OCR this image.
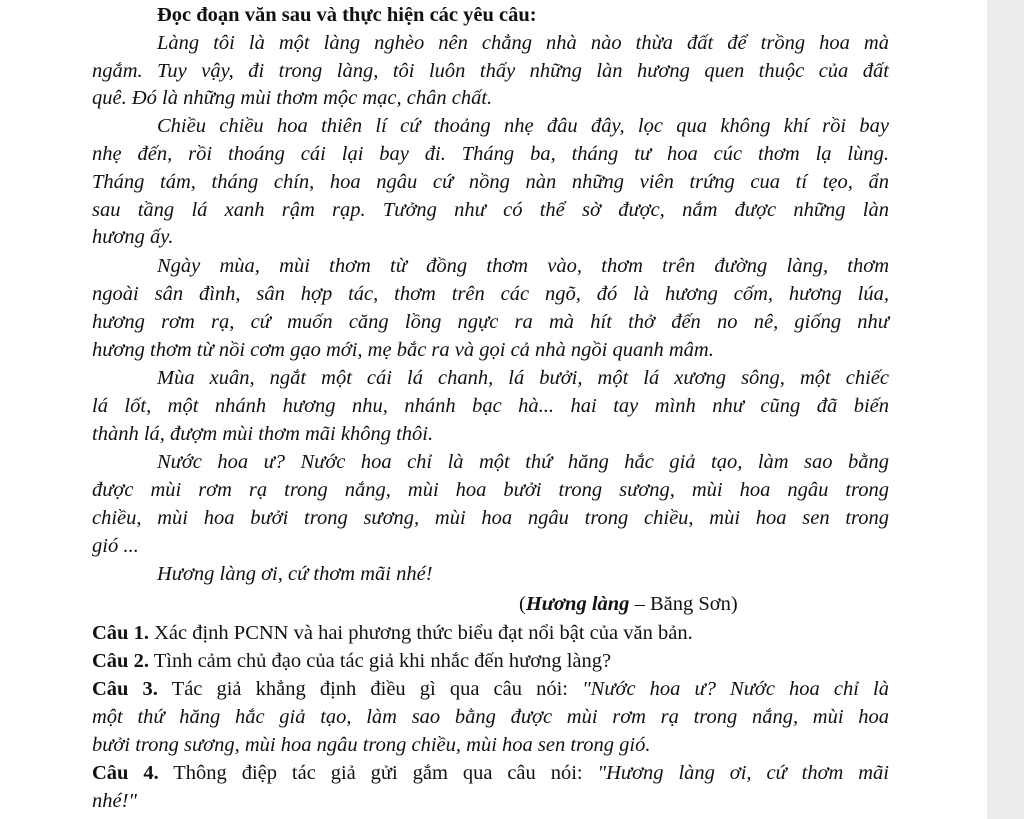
Đọc đoạn văn sau và thực hiện các yêu câu:
Làng tôi là một làng nghèo nên chẳng nhà nào thừa đất để trồng hoa mà
ngắm. Tuy vậy, đi trong làng, tôi luôn thấy những làn hương quen thuộc của đất
quê. Đó là những mùi thơm mộc mạc, chân chất.
Chiều chiều hoa thiên lí cứ thoảng nhẹ đâu đây, lọc qua không khí rồi bay
nhẹ đến, rồi thoáng cái lại bay đi. Tháng ba, tháng tư hoa cúc thơm lạ lùng.
Tháng tám, tháng chín, hoa ngâu cứ nồng nàn những viên trứng cua tí tẹo, ẩn
sau tầng lá xanh rậm rạp. Tưởng như có thể sờ được, nắm được những làn
hương ấy.
Ngày mùa, mùi thơm từ đồng thơm vào, thơm trên đường làng, thơm
ngoài sân đình, sân hợp tác, thơm trên các ngõ, đó là hương cốm, hương lúa,
hương rơm rạ, cứ muốn căng lồng ngực ra mà hít thở đến no nê, giống như
hương thơm từ nồi cơm gạo mới, mẹ bắc ra và gọi cả nhà ngồi quanh mâm.
Mùa xuân, ngắt một cái lá chanh, lá bưởi, một lá xương sông, một chiếc
lá lốt, một nhánh hương nhu, nhánh bạc hà... hai tay mình như cũng đã biến
thành lá, đượm mùi thơm mãi không thôi.
Nước hoa ư? Nước hoa chỉ là một thứ hăng hắc giả tạo, làm sao bằng
được mùi rơm rạ trong nắng, mùi hoa bưởi trong sương, mùi hoa ngâu trong
chiều, mùi hoa bưởi trong sương, mùi hoa ngâu trong chiều, mùi hoa sen trong
gió ...
Hương làng ơi, cứ thơm mãi nhé!
(Hương làng – Băng Sơn)
Câu 1. Xác định PCNN và hai phương thức biểu đạt nổi bật của văn bản.
Câu 2. Tình cảm chủ đạo của tác giả khi nhắc đến hương làng?
Câu 3. Tác giả khẳng định điều gì qua câu nói: "Nước hoa ư? Nước hoa chỉ là
một thứ hăng hắc giả tạo, làm sao bằng được mùi rơm rạ trong nắng, mùi hoa
bưởi trong sương, mùi hoa ngâu trong chiều, mùi hoa sen trong gió.
Câu 4. Thông điệp tác giả gửi gắm qua câu nói: "Hương làng ơi, cứ thơm mãi
nhé!"
